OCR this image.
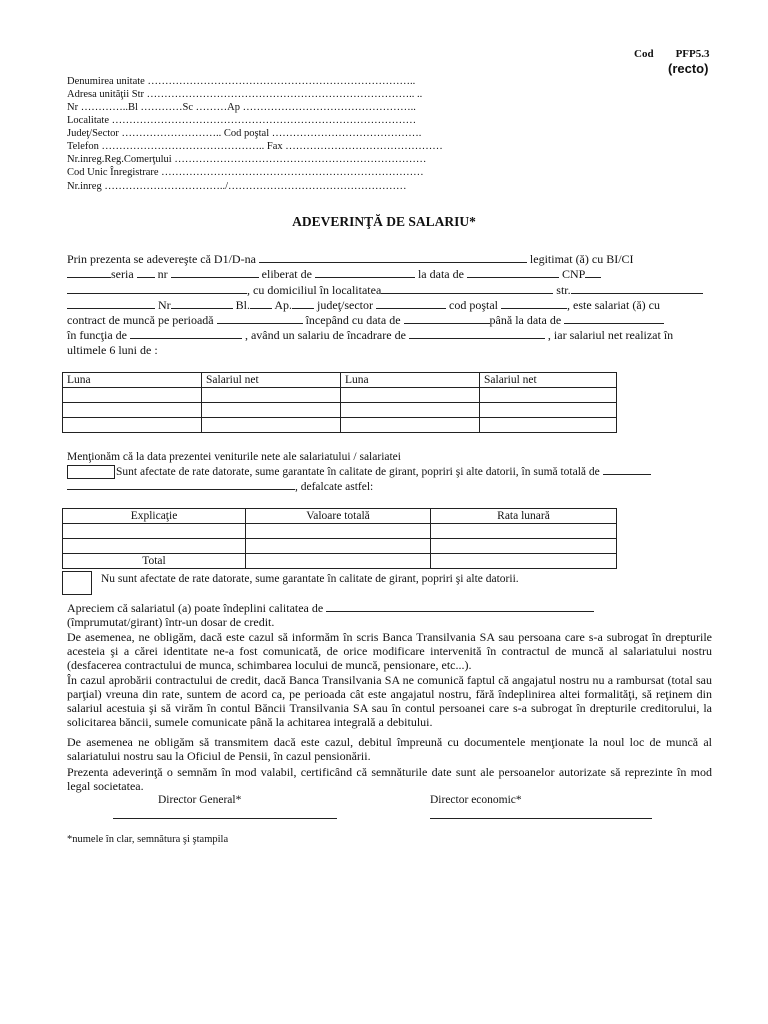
Cod PFP5.3
(recto)
Denumirea unitate …………………………………………………………………..
Adresa unităţii Str ………………………………………………………………….. ..
Nr …………..Bl …………Sc ………Ap …………………………………………..
Localitate ……………………………………………………………………………
Judeţ/Sector ……………………….. Cod poştal …………………………………….
Telefon ……………………………………….. Fax ………………………………………
Nr.inreg.Reg.Comerţului ………………………………………………………………
Cod Unic Înregistrare …………………………………………………………………
Nr.inreg ……………………………../……………………………………………
ADEVERINŢĂ DE SALARIU*
Prin prezenta se adevereşte că D1/D-na	legitimat (ă) cu BI/CI
seria nr	eliberat de	la data de	CNP
, cu domiciliul în localitatea	str.
Nr	Bl. Ap. judeţ/sector	cod poştal	, este salariat (ă) cu
contract de muncă pe perioadă	începând cu data de	până la data de
în funcţia de	, având un salariu de încadrare de	, iar salariul net realizat în
ultimele 6 luni de :
Luna	Salariul net	Luna	Salariul net

Menţionăm că la data prezentei veniturile nete ale salariatului / salariatei
Sunt afectate de rate datorate, sume garantate în calitate de girant, popriri şi alte datorii, în sumă totală de
, defalcate astfel:
Explicaţie	Valoare totală	Rata lunară

Total		
Nu sunt afectate de rate datorate, sume garantate în calitate de girant, popriri şi alte datorii.
Apreciem că salariatul (a) poate îndeplini calitatea de
(împrumutat/girant) într-un dosar de credit.
De asemenea, ne obligăm, dacă este cazul să informăm în scris Banca Transilvania SA sau persoana care s-a subrogat în drepturile acesteia şi a cărei identitate ne-a fost comunicată, de orice modificare intervenită în contractul de muncă al salariatului nostru (desfacerea contractului de munca, schimbarea locului de muncă, pensionare, etc...).
În cazul aprobării contractului de credit, dacă Banca Transilvania SA ne comunică faptul că angajatul nostru nu a rambursat (total sau parţial) vreuna din rate, suntem de acord ca, pe perioada cât este angajatul nostru, fără îndeplinirea altei formalităţi, să reţinem din salariul acestuia şi să virăm în contul Băncii Transilvania SA sau în contul persoanei care s-a subrogat în drepturile creditorului, la solicitarea băncii, sumele comunicate până la achitarea integrală a debitului.
De asemenea ne obligăm să transmitem dacă este cazul, debitul împreună cu documentele menţionate la noul loc de muncă al salariatului nostru sau la Oficiul de Pensii, în cazul pensionării.
Prezenta adeverinţă o semnăm în mod valabil, certificând că semnăturile date sunt ale persoanelor autorizate să reprezinte în mod legal societatea.
Director General*	Director economic*
*numele în clar, semnătura şi ştampila
